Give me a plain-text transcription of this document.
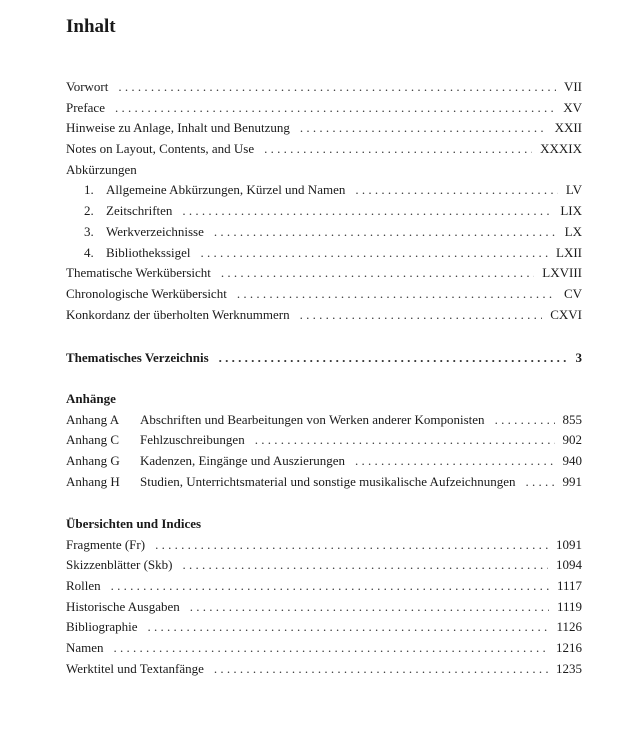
Inhalt
Vorwort . . .	VII
Preface . . .	XV
Hinweise zu Anlage, Inhalt und Benutzung . . .	XXII
Notes on Layout, Contents, and Use . . .	XXXIX
Abkürzungen
1. Allgemeine Abkürzungen, Kürzel und Namen . . .	LV
2. Zeitschriften . . .	LIX
3. Werkverzeichnisse . . .	LX
4. Bibliothekssigel . . .	LXII
Thematische Werkübersicht . . .	LXVIII
Chronologische Werkübersicht . . .	CV
Konkordanz der überholten Werknummern . . .	CXVI
Thematisches Verzeichnis . . .	3
Anhänge
Anhang A	Abschriften und Bearbeitungen von Werken anderer Komponisten . . .	855
Anhang C	Fehlzuschreibungen . . .	902
Anhang G	Kadenzen, Eingänge und Auszierungen . . .	940
Anhang H	Studien, Unterrichtsmaterial und sonstige musikalische Aufzeichnungen . . .	991
Übersichten und Indices
Fragmente (Fr) . . .	1091
Skizzenblätter (Skb) . . .	1094
Rollen . . .	1117
Historische Ausgaben . . .	1119
Bibliographie . . .	1126
Namen . . .	1216
Werktitel und Textanfänge . . .	1235
